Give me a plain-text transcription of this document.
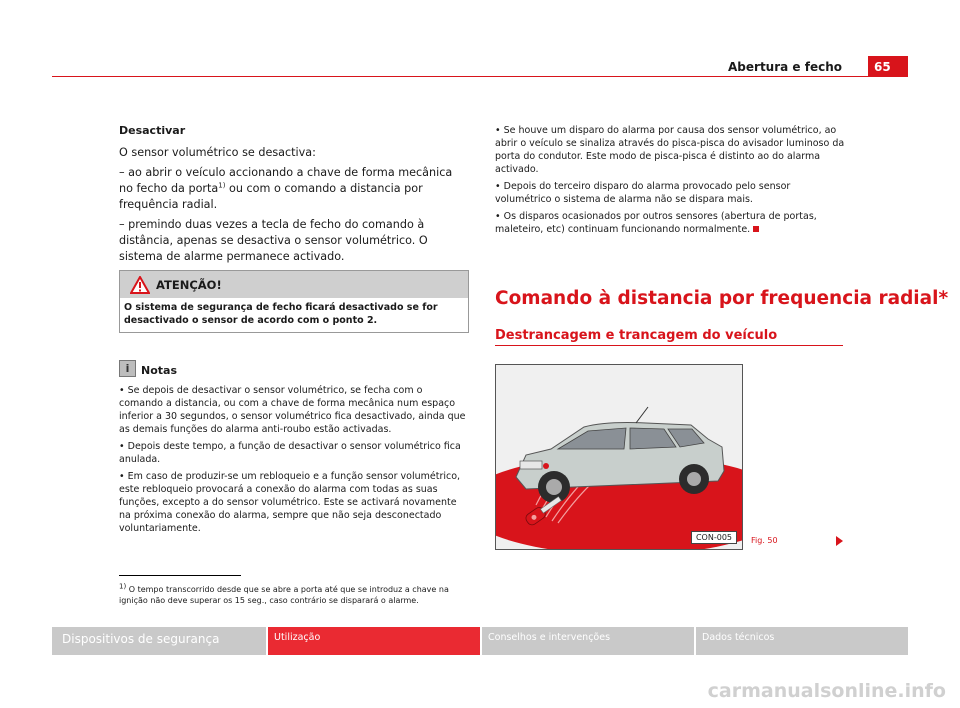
Abertura e fecho	65
Desactivar

O sensor volumétrico se desactiva:

– ao abrir o veículo accionando a chave de forma mecânica no fecho da porta$^{1)}$ ou com o comando a distancia por frequência radial.

– premindo duas vezes a tecla de fecho do comando à distância, apenas se desactiva o sensor volumétrico. O sistema de alarme permanece activado.

ATENÇÃO!
O sistema de segurança de fecho ficará desactivado se for desactivado o sensor de acordo com o ponto 2.
i	Notas

• Se depois de desactivar o sensor volumétrico, se fecha com o comando a distancia, ou com a chave de forma mecânica num espaço inferior a 30 segundos, o sensor volumétrico fica desactivado, ainda que as demais funções do alarma anti-roubo estão activadas.

• Depois deste tempo, a função de desactivar o sensor volumétrico fica anulada.

• Em caso de produzir-se um rebloqueio e a função sensor volumétrico, este rebloqueio provocará a conexão do alarma com todas as suas funções, excepto a do sensor volumétrico. Este se activará novamente na próxima conexão do alarma, sempre que não seja desconectado voluntariamente.

$^{1)}$ O tempo transcorrido desde que se abre a porta até que se introduz a chave na ignição não deve superar os 15 seg., caso contrário se disparará o alarme.

• Se houve um disparo do alarma por causa dos sensor volumétrico, ao abrir o veículo se sinaliza através do pisca-pisca do avisador luminoso da porta do condutor. Este modo de pisca-pisca é distinto ao do alarma activado.

• Depois do terceiro disparo do alarma provocado pelo sensor volumétrico o sistema de alarma não se dispara mais.

• Os disparos ocasionados por outros sensores (abertura de portas, maleteiro, etc) continuam funcionando normalmente.

Comando à distancia por frequencia radial*
Destrancagem e trancagem do veículo
CON-005	Fig. 50
Dispositivos de segurança	Utilização	Conselhos e intervenções	Dados técnicos
carmanualsonline.info
